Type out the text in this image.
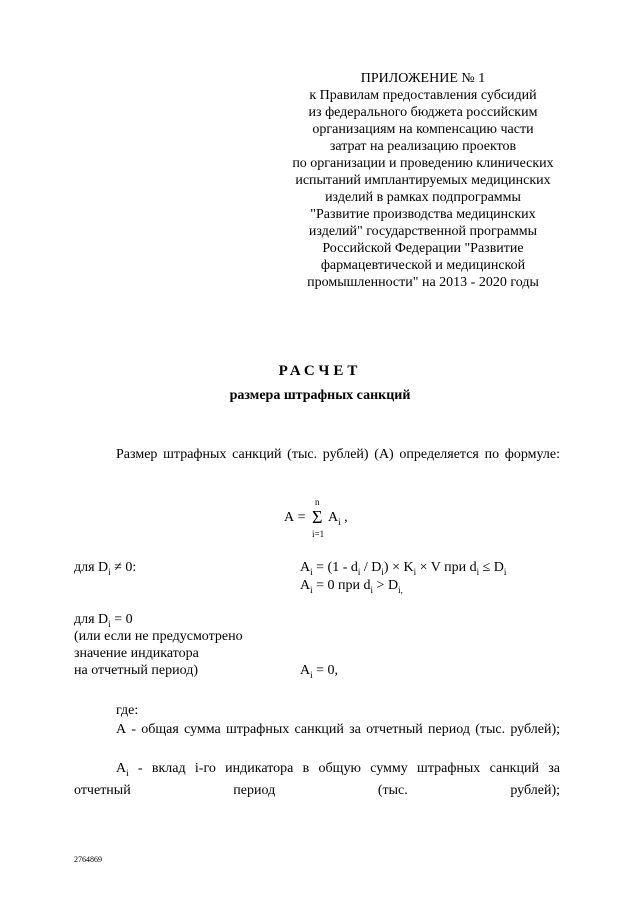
ПРИЛОЖЕНИЕ № 1
к Правилам предоставления субсидий
из федерального бюджета российским
организациям на компенсацию части
затрат на реализацию проектов
по организации и проведению клинических
испытаний имплантируемых медицинских
изделий в рамках подпрограммы
"Развитие производства медицинских
изделий" государственной программы
Российской Федерации "Развитие
фармацевтической и медицинской
промышленности" на 2013 - 2020 годы
РАСЧЕТ
размера штрафных санкций
Размер штрафных санкций (тыс. рублей) (А) определяется по формуле:
А =
n
Σ
i=1
$A_i$ ,
для $D_i \ne 0$:	$A_i = (1 - d_i / D_i) \times K_i \times V$ при $d_i \le D_i$
$A_i = 0$ при $d_i > D_{i,}$
для $D_i = 0$
(или если не предусмотрено
значение индикатора
на отчетный период)	$A_i = 0$,
где:
А - общая сумма штрафных санкций за отчетный период (тыс. рублей);
$A_i$ - вклад i-го индикатора в общую сумму штрафных санкций за отчетный период (тыс. рублей);
2764869
